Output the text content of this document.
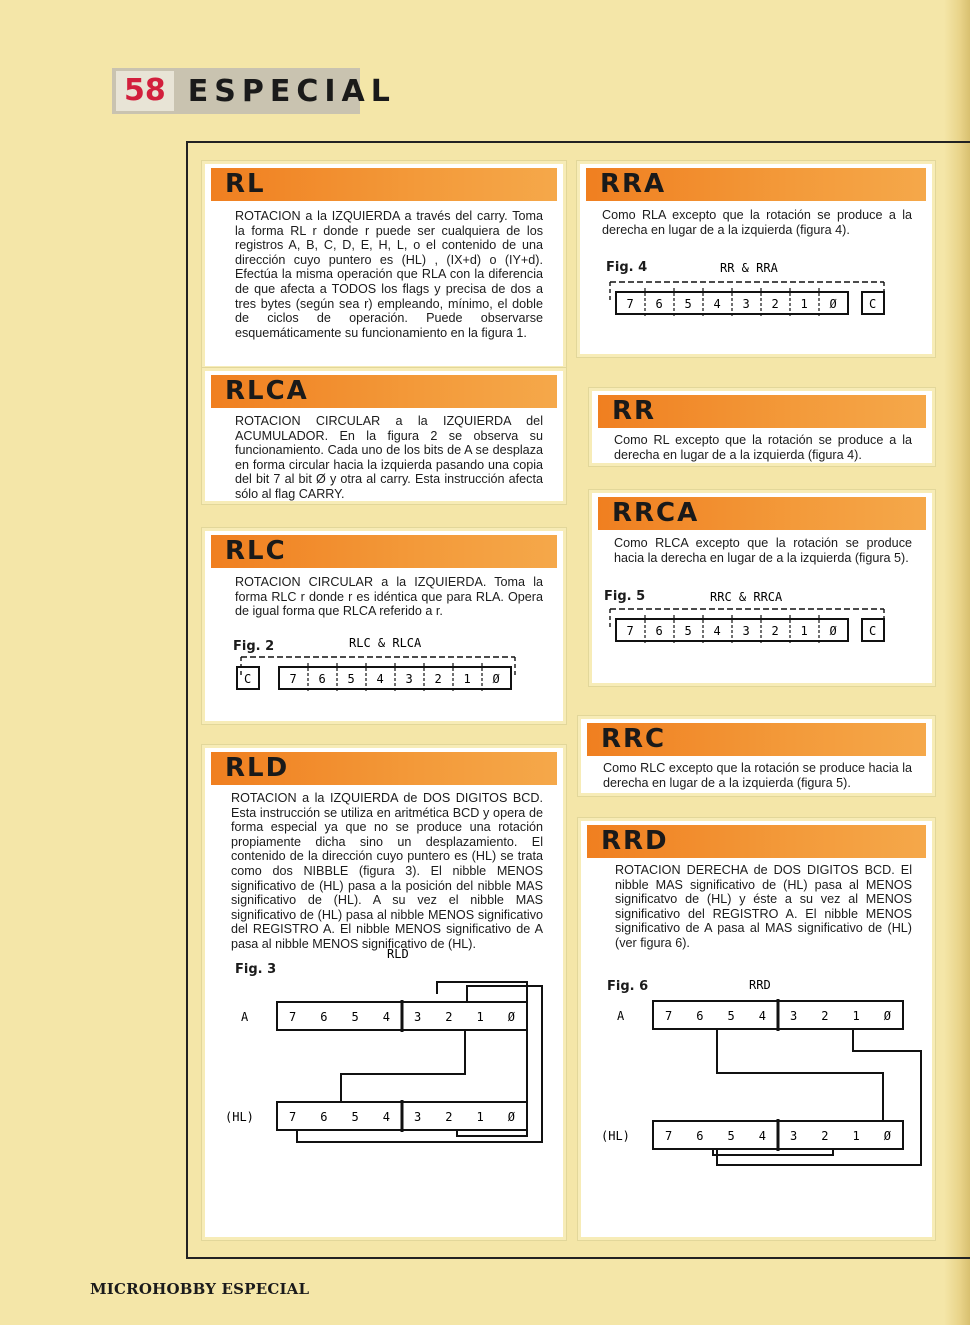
58 ESPECIAL
RL
ROTACION a la IZQUIERDA a través del carry. Toma la forma RL r donde r puede ser cualquiera de los registros A, B, C, D, E, H, L, o el contenido de una dirección cuyo puntero es (HL) , (IX+d) o (IY+d). Efectúa la misma operación que RLA con la diferencia de que afecta a TODOS los flags y precisa de dos a tres bytes (según sea r) empleando, mínimo, el doble de ciclos de operación. Puede observarse esquemáticamente su funcionamiento en la figura 1.
RRA
Como RLA excepto que la rotación se produce a la derecha en lugar de a la izquierda (figura 4).
Fig. 4	RR & RRA
C
7 6 5 4 3 2 1 Ø
RLCA
ROTACION CIRCULAR a la IZQUIERDA del ACUMULADOR. En la figura 2 se observa su funcionamiento. Cada uno de los bits de A se desplaza en forma circular hacia la izquierda pasando una copia del bit 7 al bit Ø y otra al carry. Esta instrucción afecta sólo al flag CARRY.
RR
Como RL excepto que la rotación se produce a la derecha en lugar de a la izquierda (figura 4).
RRCA
Como RLCA excepto que la rotación se produce hacia la derecha en lugar de a la izquierda (figura 5).
Fig. 5	RRC & RRCA
C
7 6 5 4 3 2 1 Ø
RLC
ROTACION CIRCULAR a la IZQUIERDA. Toma la forma RLC r donde r es idéntica que para RLA. Opera de igual forma que RLCA referido a r.
Fig. 2	RLC & RLCA
C	7 6 5 4 3 2 1 Ø
RLD
ROTACION a la IZQUIERDA de DOS DIGITOS BCD. Esta instrucción se utiliza en aritmética BCD y opera de forma especial ya que no se produce una rotación propiamente dicha sino un desplazamiento. El contenido de la dirección cuyo puntero es (HL) se trata como dos NIBBLE (figura 3). El nibble MENOS significativo de (HL) pasa a la posición del nibble MAS significativo de (HL). A su vez el nibble MAS significativo de (HL) pasa al nibble MENOS significativo del REGISTRO A. El nibble MENOS significativo de A pasa al nibble MENOS significativo de (HL).
Fig. 3
RLD
A	7 6 5 4 3 2 1 Ø
(HL)	7 6 5 4 3 2 1 Ø
RRC
Como RLC excepto que la rotación se produce hacia la derecha en lugar de a la izquierda (figura 5).
RRD
ROTACION DERECHA de DOS DIGITOS BCD. El nibble MAS significativo de (HL) pasa al MENOS significatvo de (HL) y éste a su vez al MENOS significativo del REGISTRO A. El nibble MENOS significativo de A pasa al MAS significativo de (HL) (ver figura 6).
Fig. 6	RRD
A	7 6 5 4 3 2 1 Ø
(HL)	7 6 5 4 3 2 1 Ø
MICROHOBBY ESPECIAL
